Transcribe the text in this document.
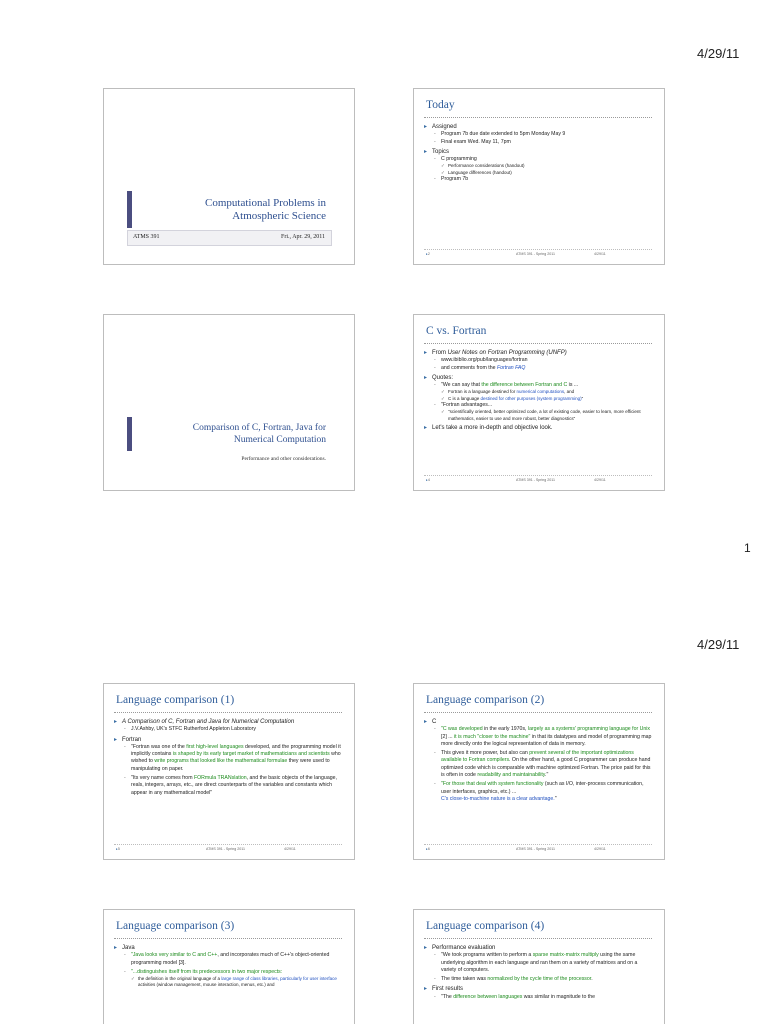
4/29/11
1
4/29/11
Computational Problems in
Atmospheric Science
ATMS 391	Fri., Apr. 29, 2011
Today
▸ Assigned
- Program 7b due date extended to 5pm Monday May 9
- Final exam Wed. May 11, 7pm
▸ Topics
- C programming
✓ Performance considerations (handout)
✓ Language differences (handout)
- Program 7b
▸ 2	ATMS 391 - Spring 2011	4/29/11
Comparison of C, Fortran, Java for
Numerical Computation
Performance and other considerations.
C vs. Fortran
▸ From User Notes on Fortran Programming (UNFP)
- www.ibiblio.org/pub/languages/fortran
- and comments from the Fortran FAQ
▸ Quotes:
- "We can say that the difference between Fortran and C is ...
✓ Fortran is a language destined for numerical computations, and
✓ C is a language destined for other purposes (system programming)"
- "Fortran advantages...
✓ "scientifically oriented, better optimized code, a lot of existing code, easier to learn, more efficient mathematics, easier to use and more robust, better diagnostics"
▸ Let's take a more in-depth and objective look.
▸ 4	ATMS 391 - Spring 2011	4/29/11
Language comparison (1)
▸ A Comparison of C, Fortran and Java for Numerical Computation
- J.V.Ashby, UK's STFC Rutherford Appleton Laboratory
▸ Fortran
- "Fortran was one of the first high-level languages developed, and the programming model it implicitly contains is shaped by its early target market of mathematicians and scientists who wished to write programs that looked like the mathematical formulae they were used to manipulating on paper.
- "Its very name comes from FORmula TRANslation, and the basic objects of the language, reals, integers, arrays, etc., are direct counterparts of the variables and constants which appear in any mathematical model"
▸ 5	ATMS 391 - Spring 2011	4/29/11
Language comparison (2)
▸ C
- "C was developed in the early 1970s, largely as a systems' programming language for Unix [2] ... it is much "closer to the machine" in that its datatypes and model of programming map more directly onto the logical representation of data in memory.
- This gives it more power, but also can prevent several of the important optimizations available to Fortran compilers. On the other hand, a good C programmer can produce hand optimized code which is comparable with machine optimized Fortran. The price paid for this is often in code readability and maintainability."
- "For those that deal with system functionality (such as I/O, inter-process communication, user interfaces, graphics, etc.) ...
C's close-to-machine nature is a clear advantage."
▸ 6	ATMS 391 - Spring 2011	4/29/11
Language comparison (3)
▸ Java
- "Java looks very similar to C and C++, and incorporates much of C++'s object-oriented programming model [3].
- "...distinguishes itself from its predecessors in two major respects:
✓ the definition in the original language of a large range of class libraries, particularly for user interface activities (window management, mouse interaction, menus, etc.) and
Language comparison (4)
▸ Performance evaluation
- "We took programs written to perform a sparse matrix-matrix multiply using the same underlying algorithm in each language and ran them on a variety of matrices and on a variety of computers.
- The time taken was normalized by the cycle time of the processor.
▸ First results
- "The difference between languages was similar in magnitude to the
